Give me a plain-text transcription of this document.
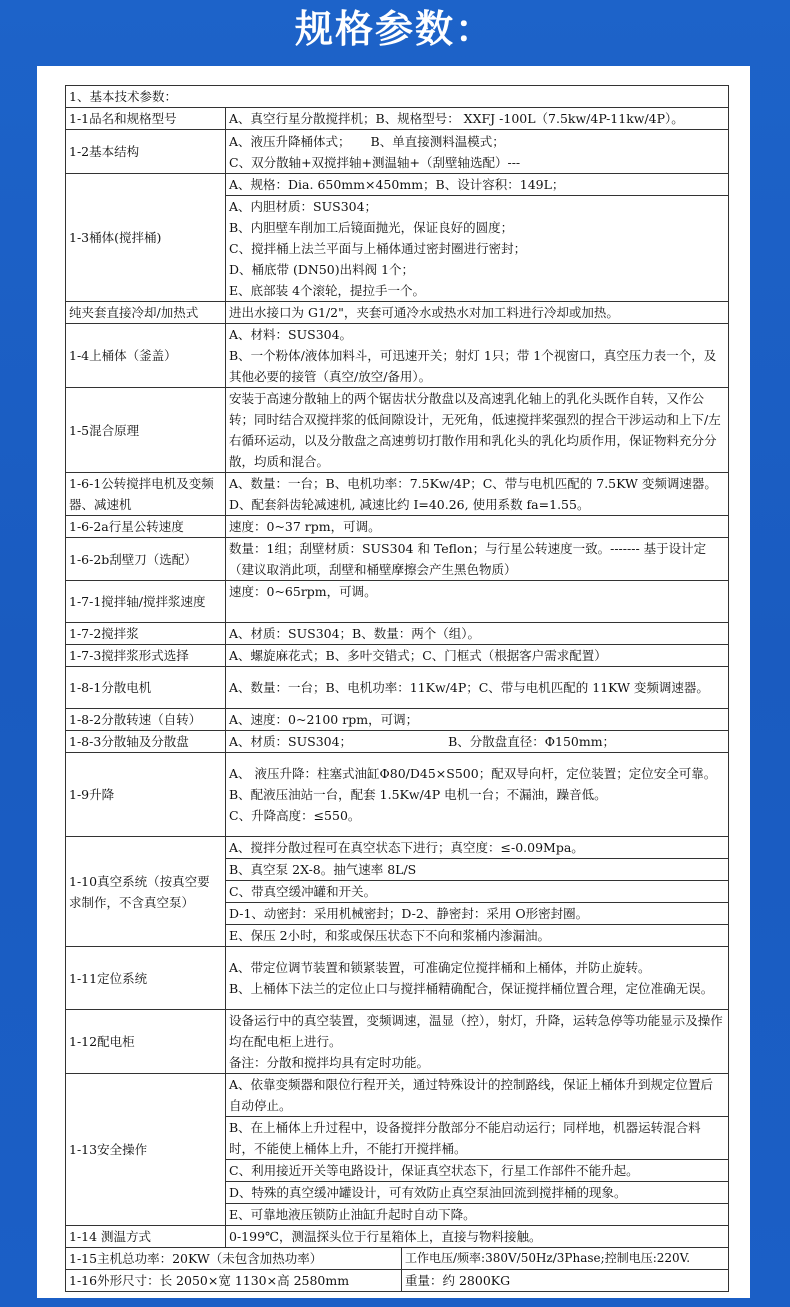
规格参数：
1、基本技术参数：		
1-1品名和规格型号	A、真空行星分散搅拌机；B、规格型号： XXFJ -100L（7.5kw/4P-11kw/4P）。	
1-2基本结构	A、液压升降桶体式； B、单直接测料温模式；
C、双分散轴+双搅拌轴+测温轴+（刮壁轴选配）---	
1-3桶体(搅拌桶)	A、规格：Dia. 650mm×450mm；B、设计容积：149L；	

	A、内胆材质：SUS304；
B、内胆壁车削加工后镜面抛光，保证良好的圆度；
C、搅拌桶上法兰平面与上桶体通过密封圈进行密封；
D、桶底带 (DN50)出料阀 1个；
E、底部装 4个滚轮，提拉手一个。	

纯夹套直接冷却/加热式	进出水接口为 G1/2"，夹套可通冷水或热水对加工料进行冷却或加热。	
1-4上桶体（釜盖）	A、材料：SUS304。
B、一个粉体/液体加料斗，可迅速开关；射灯 1只；带 1个视窗口，真空压力表一个，及其他必要的接管（真空/放空/备用）。	

1-5混合原理	安装于高速分散轴上的两个锯齿状分散盘以及高速乳化轴上的乳化头既作自转，又作公转；同时结合双搅拌浆的低间隙设计，无死角，低速搅拌桨强烈的捏合干涉运动和上下/左右循环运动，以及分散盘之高速剪切打散作用和乳化头的乳化均质作用，保证物料充分分散，均质和混合。	
1-6-1公转搅拌电机及变频器、减速机	A、数量：一台；B、电机功率：7.5Kw/4P；C、带与电机匹配的 7.5KW 变频调速器。D、配套斜齿轮减速机, 减速比约 I=40.26, 使用系数 fa=1.55。	
1-6-2a行星公转速度	速度：0~37 rpm，可调。	
1-6-2b刮壁刀（选配）	数量：1组；刮壁材质：SUS304 和 Teflon；与行星公转速度一致。------- 基于设计定　（建议取消此项，刮壁和桶壁摩擦会产生黑色物质）	
1-7-1搅拌轴/搅拌浆速度	速度：0~65rpm，可调。	
1-7-2搅拌浆	A、材质：SUS304；B、数量：两个（组）。	
1-7-3搅拌浆形式选择	A、螺旋麻花式；B、多叶交错式；C、门框式（根据客户需求配置）	
1-8-1分散电机	A、数量：一台；B、电机功率：11Kw/4P；C、带与电机匹配的 11KW 变频调速器。	
1-8-2分散转速（自转）	A、速度：0~2100 rpm，可调；	
1-8-3分散轴及分散盘	A、材质：SUS304； B、分散盘直径：Φ150mm；	
1-9升降	A、 液压升降：柱塞式油缸Φ80/D45×S500；配双导向杆，定位装置；定位安全可靠。
B、配液压油站一台，配套 1.5Kw/4P 电机一台；不漏油，躁音低。
C、升降高度：≤550。	

1-10真空系统（按真空要求制作，不含真空泵）	A、搅拌分散过程可在真空状态下进行；真空度：≤-0.09Mpa。	
	B、真空泵 2X-8。抽气速率 8L/S	
	C、带真空缓冲罐和开关。	
	D-1、动密封：采用机械密封；D-2、静密封：采用 O形密封圈。	
	E、保压 2小时，和浆或保压状态下不向和浆桶内渗漏油。	
1-11定位系统	A、带定位调节装置和锁紧装置，可准确定位搅拌桶和上桶体，并防止旋转。
B、上桶体下法兰的定位止口与搅拌桶精确配合，保证搅拌桶位置合理，定位准确无误。	

1-12配电柜	设备运行中的真空装置，变频调速，温显（控），射灯，升降，运转急停等功能显示及操作均在配电柜上进行。
备注：分散和搅拌均具有定时功能。	

1-13安全操作	A、依靠变频器和限位行程开关，通过特殊设计的控制路线，保证上桶体升到规定位置后自动停止。	
	B、在上桶体上升过程中，设备搅拌分散部分不能启动运行；同样地，机器运转混合料时，不能使上桶体上升，不能打开搅拌桶。	
	C、利用接近开关等电路设计，保证真空状态下，行星工作部件不能升起。	
	D、特殊的真空缓冲罐设计，可有效防止真空泵油回流到搅拌桶的现象。	
	E、可靠地液压锁防止油缸升起时自动下降。	
1-14 测温方式	0-199℃，测温探头位于行星箱体上，直接与物料接触。	
1-15主机总功率：20KW（未包含加热功率）		工作电压/频率:380V/50Hz/3Phase;控制电压:220V.
1-16外形尺寸：长 2050×宽 1130×高 2580mm		重量：约 2800KG
